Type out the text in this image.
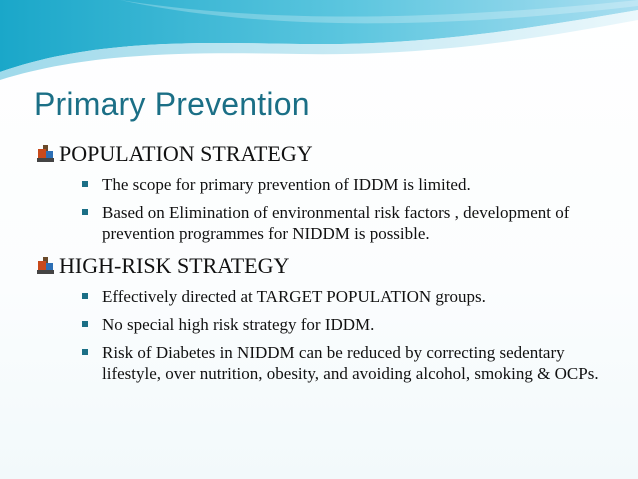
Primary Prevention
POPULATION STRATEGY
The scope for primary prevention of IDDM is limited.
Based on Elimination of environmental risk factors , development of prevention programmes for NIDDM is possible.
HIGH-RISK STRATEGY
Effectively directed at TARGET POPULATION groups.
No special high risk strategy for IDDM.
Risk of Diabetes in NIDDM can be reduced by correcting sedentary lifestyle, over nutrition, obesity, and avoiding alcohol, smoking & OCPs.
